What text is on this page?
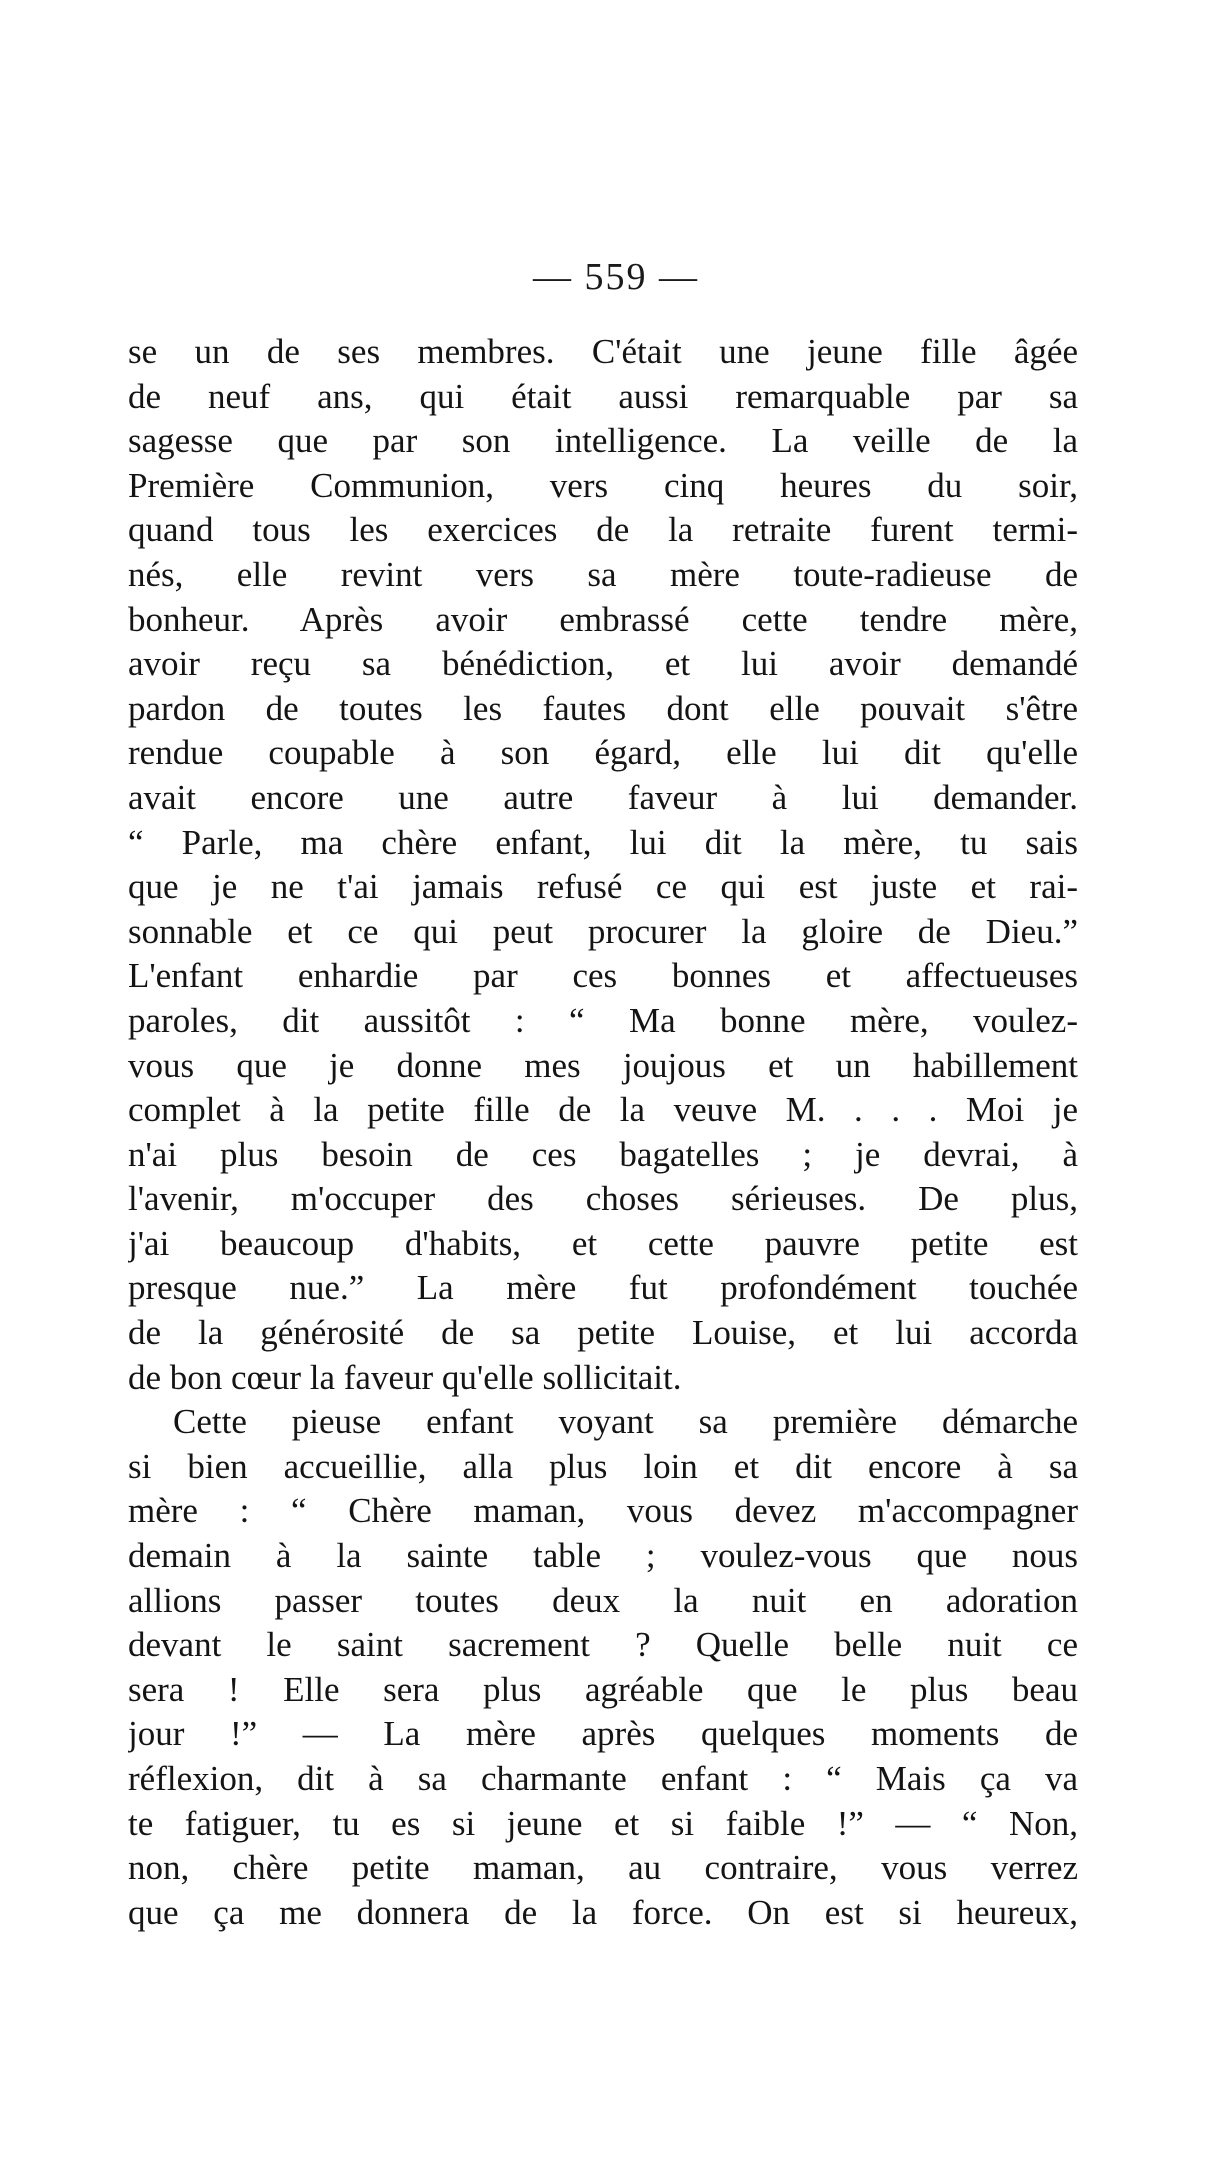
— 559 —
se un de ses membres. C'était une jeune fille âgée
de neuf ans, qui était aussi remarquable par sa
sagesse que par son intelligence. La veille de la
Première Communion, vers cinq heures du soir,
quand tous les exercices de la retraite furent termi-
nés, elle revint vers sa mère toute-radieuse de
bonheur. Après avoir embrassé cette tendre mère,
avoir reçu sa bénédiction, et lui avoir demandé
pardon de toutes les fautes dont elle pouvait s'être
rendue coupable à son égard, elle lui dit qu'elle
avait encore une autre faveur à lui demander.
“ Parle, ma chère enfant, lui dit la mère, tu sais
que je ne t'ai jamais refusé ce qui est juste et rai-
sonnable et ce qui peut procurer la gloire de Dieu.”
L'enfant enhardie par ces bonnes et affectueuses
paroles, dit aussitôt : “ Ma bonne mère, voulez-
vous que je donne mes joujous et un habillement
complet à la petite fille de la veuve M. . . . Moi je
n'ai plus besoin de ces bagatelles ; je devrai, à
l'avenir, m'occuper des choses sérieuses. De plus,
j'ai beaucoup d'habits, et cette pauvre petite est
presque nue.” La mère fut profondément touchée
de la générosité de sa petite Louise, et lui accorda
de bon cœur la faveur qu'elle sollicitait.
Cette pieuse enfant voyant sa première démarche
si bien accueillie, alla plus loin et dit encore à sa
mère : “ Chère maman, vous devez m'accompagner
demain à la sainte table ; voulez-vous que nous
allions passer toutes deux la nuit en adoration
devant le saint sacrement ? Quelle belle nuit ce
sera ! Elle sera plus agréable que le plus beau
jour !” — La mère après quelques moments de
réflexion, dit à sa charmante enfant : “ Mais ça va
te fatiguer, tu es si jeune et si faible !” — “ Non,
non, chère petite maman, au contraire, vous verrez
que ça me donnera de la force. On est si heureux,
